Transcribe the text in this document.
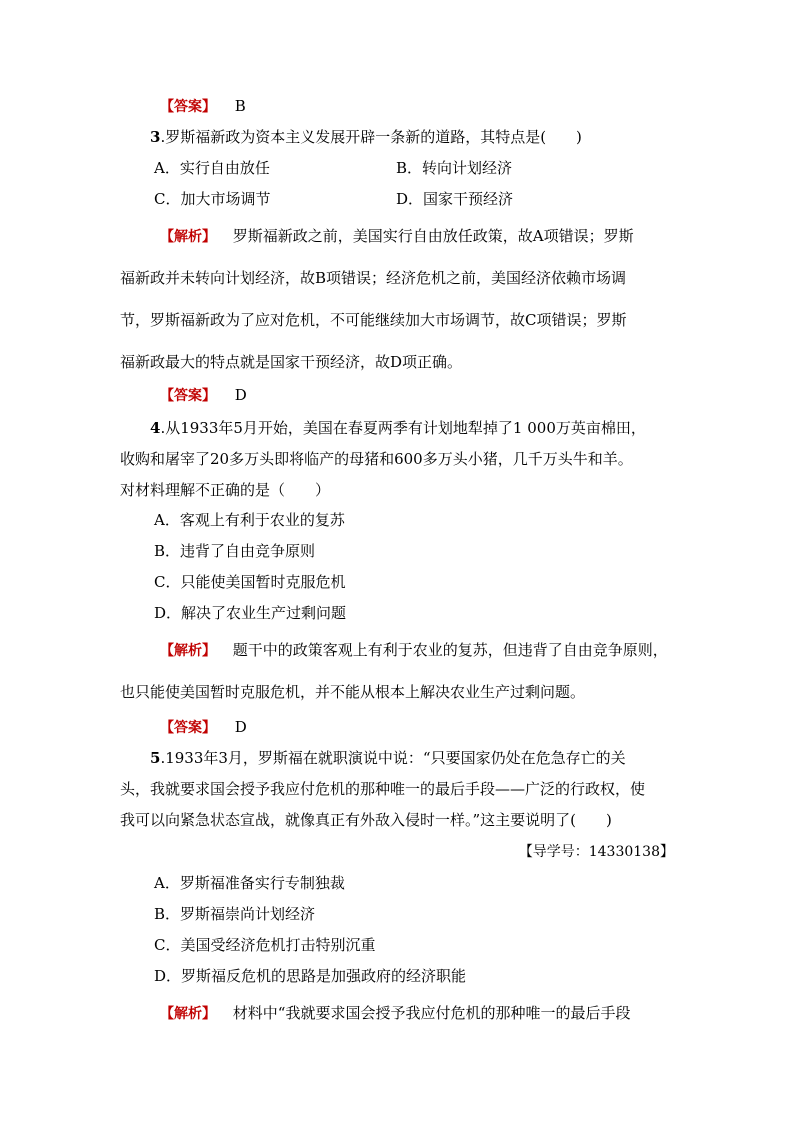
【答案】 B
3.罗斯福新政为资本主义发展开辟一条新的道路，其特点是(　　)
A．实行自由放任	B．转向计划经济
C．加大市场调节	D．国家干预经济
【解析】 罗斯福新政之前，美国实行自由放任政策，故A项错误；罗斯
福新政并未转向计划经济，故B项错误；经济危机之前，美国经济依赖市场调
节，罗斯福新政为了应对危机，不可能继续加大市场调节，故C项错误；罗斯
福新政最大的特点就是国家干预经济，故D项正确。
【答案】 D
4.从1933年5月开始，美国在春夏两季有计划地犁掉了1 000万英亩棉田，
收购和屠宰了20多万头即将临产的母猪和600多万头小猪，几千万头牛和羊。
对材料理解不正确的是（　　）
A．客观上有利于农业的复苏
B．违背了自由竞争原则
C．只能使美国暂时克服危机
D．解决了农业生产过剩问题
【解析】 题干中的政策客观上有利于农业的复苏，但违背了自由竞争原则，
也只能使美国暂时克服危机，并不能从根本上解决农业生产过剩问题。
【答案】 D
5.1933年3月，罗斯福在就职演说中说：“只要国家仍处在危急存亡的关
头，我就要求国会授予我应付危机的那种唯一的最后手段——广泛的行政权，使
我可以向紧急状态宣战，就像真正有外敌入侵时一样。”这主要说明了(　　)
【导学号：14330138】
A．罗斯福准备实行专制独裁
B．罗斯福崇尚计划经济
C．美国受经济危机打击特别沉重
D．罗斯福反危机的思路是加强政府的经济职能
【解析】 材料中“我就要求国会授予我应付危机的那种唯一的最后手段
